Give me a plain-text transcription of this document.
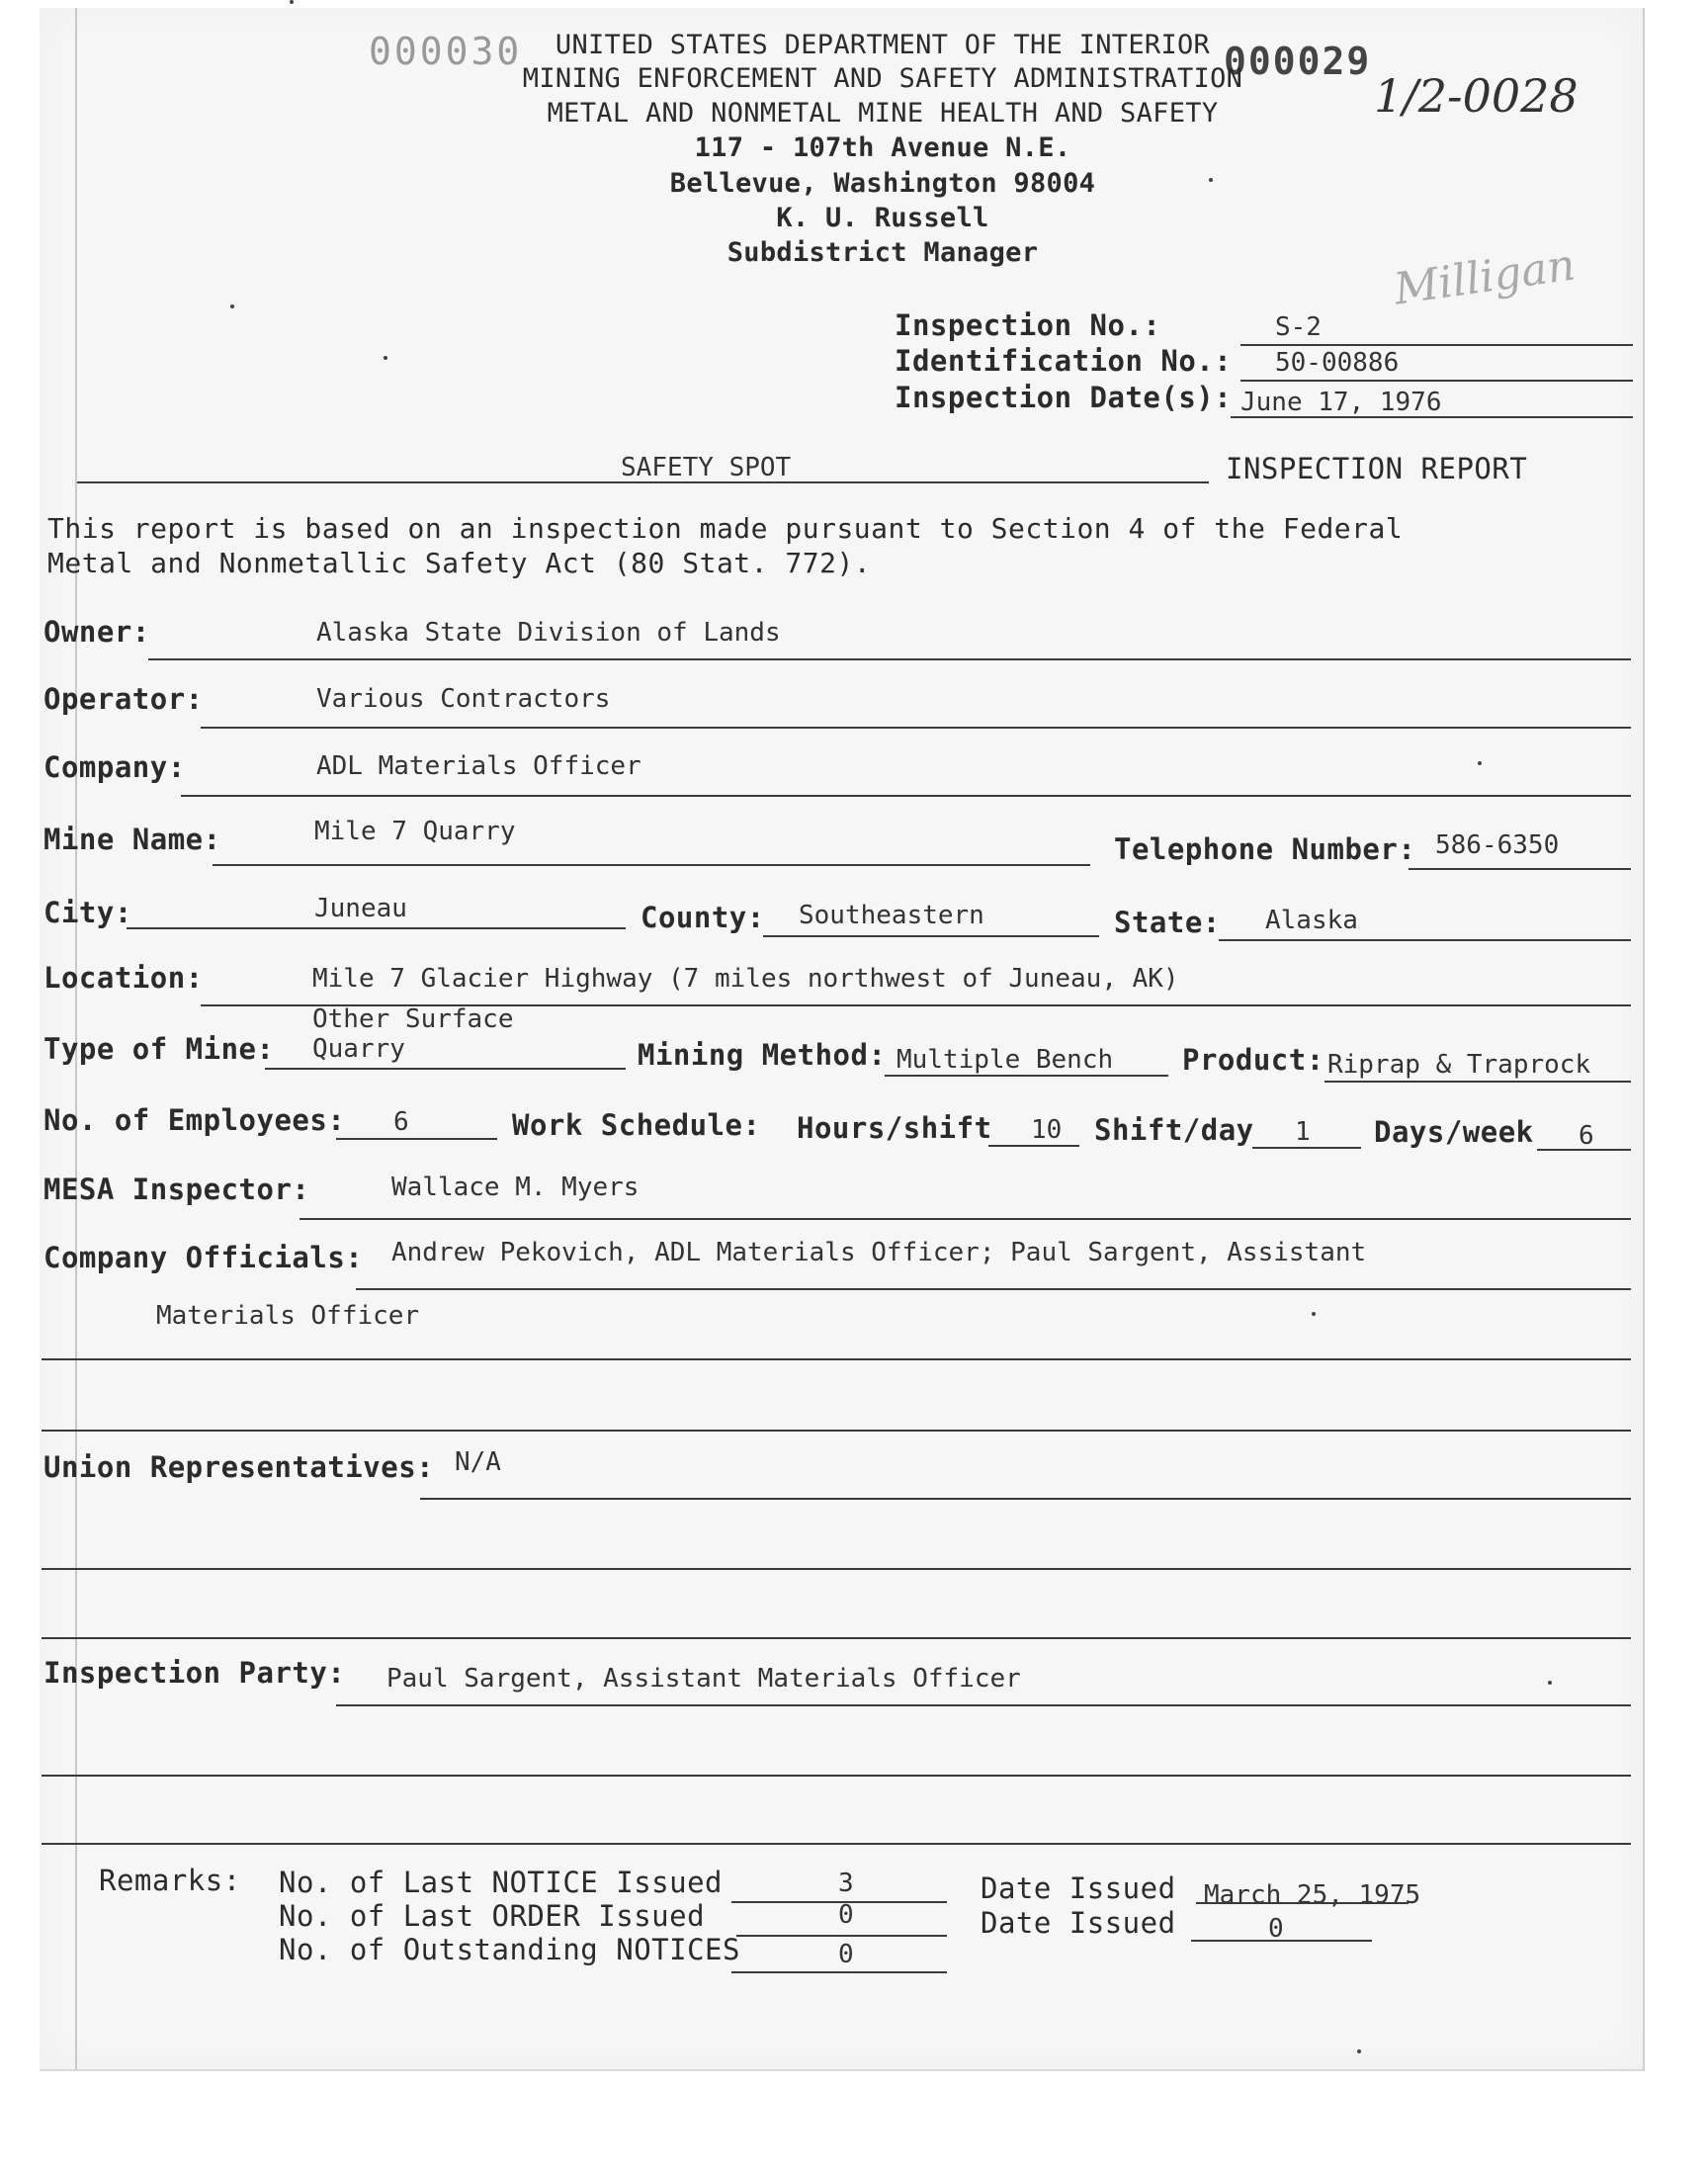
000030	000029
1/2-0028
Milligan
UNITED STATES DEPARTMENT OF THE INTERIOR
MINING ENFORCEMENT AND SAFETY ADMINISTRATION
METAL AND NONMETAL MINE HEALTH AND SAFETY
117 - 107th Avenue N.E.
Bellevue, Washington 98004
K. U. Russell
Subdistrict Manager
Inspection No.:	S-2
Identification No.: 50-00886
Inspection Date(s): June 17, 1976
SAFETY SPOT	INSPECTION REPORT
This report is based on an inspection made pursuant to Section 4 of the Federal
Metal and Nonmetallic Safety Act (80 Stat. 772).
Owner:	Alaska State Division of Lands
Operator:	Various Contractors
Company:	ADL Materials Officer
Mine Name:	Mile 7 Quarry
Telephone Number: 586-6350
City:	Juneau	County: Southeastern	State: Alaska
Location:	Mile 7 Glacier Highway (7 miles northwest of Juneau, AK)
Other Surface
Type of Mine: Quarry	Mining Method: Multiple Bench Product: Riprap & Traprock
No. of Employees: 6	Work Schedule: Hours/shift 10 Shift/day 1 Days/week 6
MESA Inspector:	Wallace M. Myers
Company Officials: Andrew Pekovich, ADL Materials Officer; Paul Sargent, Assistant
Materials Officer
Union Representatives: N/A
Inspection Party: Paul Sargent, Assistant Materials Officer
Remarks: No. of Last NOTICE Issued	3
No. of Last ORDER Issued	0
No. of Outstanding NOTICES	0
Date Issued March 25, 1975
Date Issued	0
